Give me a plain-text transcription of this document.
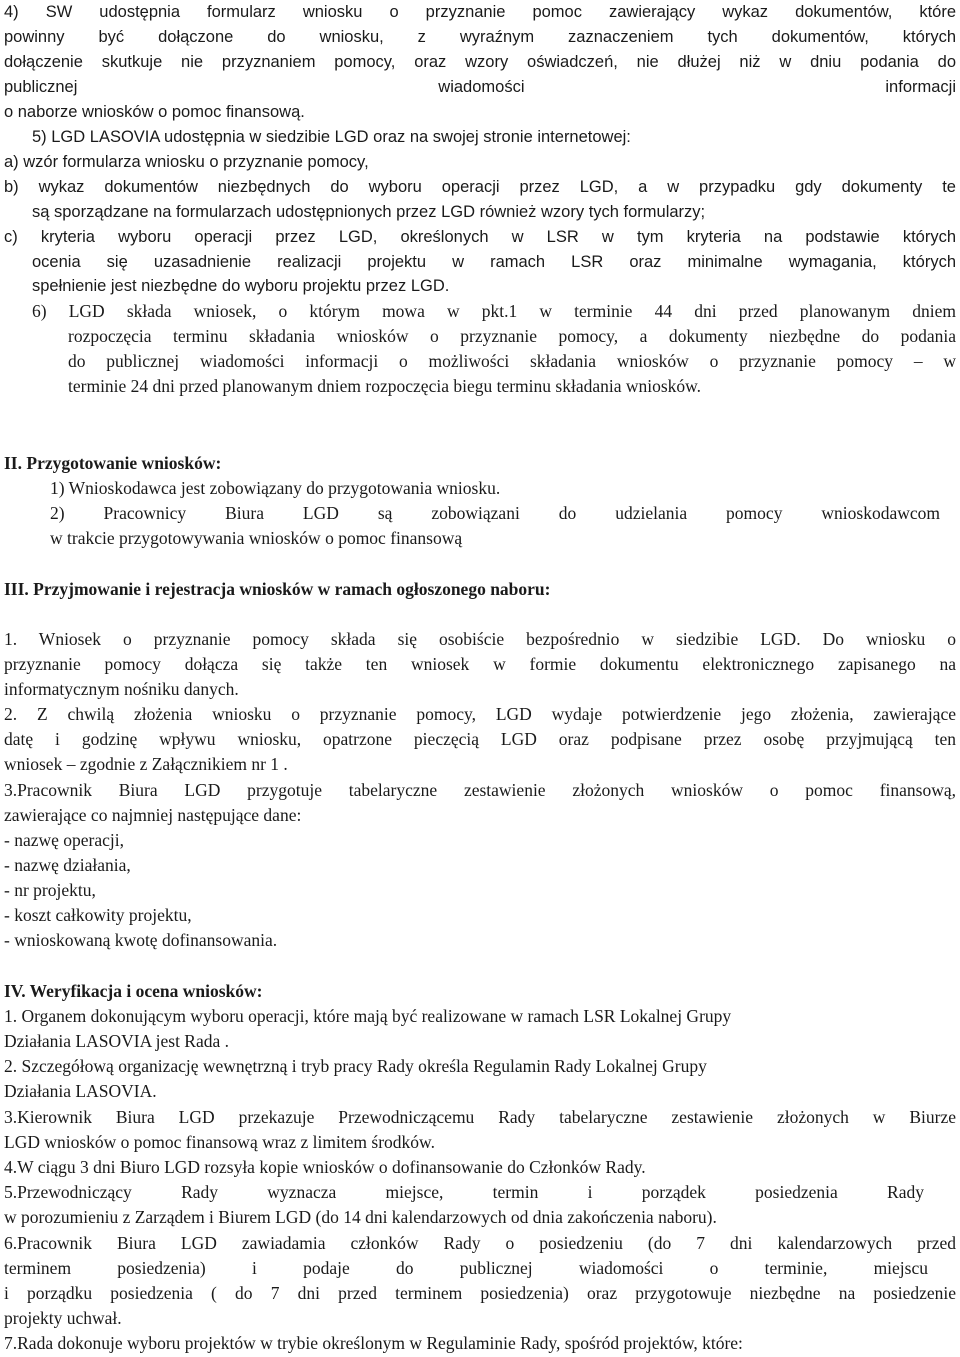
4) SW udostępnia formularz wniosku o przyznanie pomoc zawierający wykaz dokumentów, które
powinny być dołączone do wniosku, z wyraźnym zaznaczeniem tych dokumentów, których
dołączenie skutkuje nie przyznaniem pomocy, oraz wzory oświadczeń, nie dłużej niż w dniu podania do
publicznej wiadomości informacji
o naborze wniosków o pomoc finansową.
5) LGD LASOVIA udostępnia w siedzibie LGD oraz na swojej stronie internetowej:
a) wzór formularza wniosku o przyznanie pomocy,
b) wykaz dokumentów niezbędnych do wyboru operacji przez LGD, a w przypadku gdy dokumenty te
są sporządzane na formularzach udostępnionych przez LGD również wzory tych formularzy;
c) kryteria wyboru operacji przez LGD, określonych w LSR w tym kryteria na podstawie których
ocenia się uzasadnienie realizacji projektu w ramach LSR oraz minimalne wymagania, których
spełnienie jest niezbędne do wyboru projektu przez LGD.
6) LGD składa wniosek, o którym mowa w pkt.1 w terminie 44 dni przed planowanym dniem
rozpoczęcia terminu składania wniosków o przyznanie pomocy, a dokumenty niezbędne do podania
do publicznej wiadomości informacji o możliwości składania wniosków o przyznanie pomocy – w
terminie 24 dni przed planowanym dniem rozpoczęcia biegu terminu składania wniosków.
II. Przygotowanie wniosków:
1) Wnioskodawca jest zobowiązany do przygotowania wniosku.
2) Pracownicy Biura LGD są zobowiązani do udzielania pomocy wnioskodawcom
w trakcie przygotowywania wniosków o pomoc finansową
III. Przyjmowanie i rejestracja wniosków w ramach ogłoszonego naboru:
1. Wniosek o przyznanie pomocy składa się osobiście bezpośrednio w siedzibie LGD. Do wniosku o
przyznanie pomocy dołącza się także ten wniosek w formie dokumentu elektronicznego zapisanego na
informatycznym nośniku danych.
2. Z chwilą złożenia wniosku o przyznanie pomocy, LGD wydaje potwierdzenie jego złożenia, zawierające
datę i godzinę wpływu wniosku, opatrzone pieczęcią LGD oraz podpisane przez osobę przyjmującą ten
wniosek – zgodnie z Załącznikiem nr 1 .
3.Pracownik Biura LGD przygotuje tabelaryczne zestawienie złożonych wniosków o pomoc finansową,
zawierające co najmniej następujące dane:
- nazwę operacji,
- nazwę działania,
- nr projektu,
- koszt całkowity projektu,
- wnioskowaną kwotę dofinansowania.
IV. Weryfikacja i ocena wniosków:
1. Organem dokonującym wyboru operacji, które mają być realizowane w ramach LSR Lokalnej Grupy
Działania LASOVIA jest Rada .
2. Szczegółową organizację wewnętrzną i tryb pracy Rady określa Regulamin Rady Lokalnej Grupy
Działania LASOVIA.
3.Kierownik Biura LGD przekazuje Przewodniczącemu Rady tabelaryczne zestawienie złożonych w Biurze
LGD wniosków o pomoc finansową wraz z limitem środków.
4.W ciągu 3 dni Biuro LGD rozsyła kopie wniosków o dofinansowanie do Członków Rady.
5.Przewodniczący Rady wyznacza miejsce, termin i porządek posiedzenia Rady
w porozumieniu z Zarządem i Biurem LGD (do 14 dni kalendarzowych od dnia zakończenia naboru).
6.Pracownik Biura LGD zawiadamia członków Rady o posiedzeniu (do 7 dni kalendarzowych przed
terminem posiedzenia) i podaje do publicznej wiadomości o terminie, miejscu
i porządku posiedzenia ( do 7 dni przed terminem posiedzenia) oraz przygotowuje niezbędne na posiedzenie
projekty uchwał.
7.Rada dokonuje wyboru projektów w trybie określonym w Regulaminie Rady, spośród projektów, które:
